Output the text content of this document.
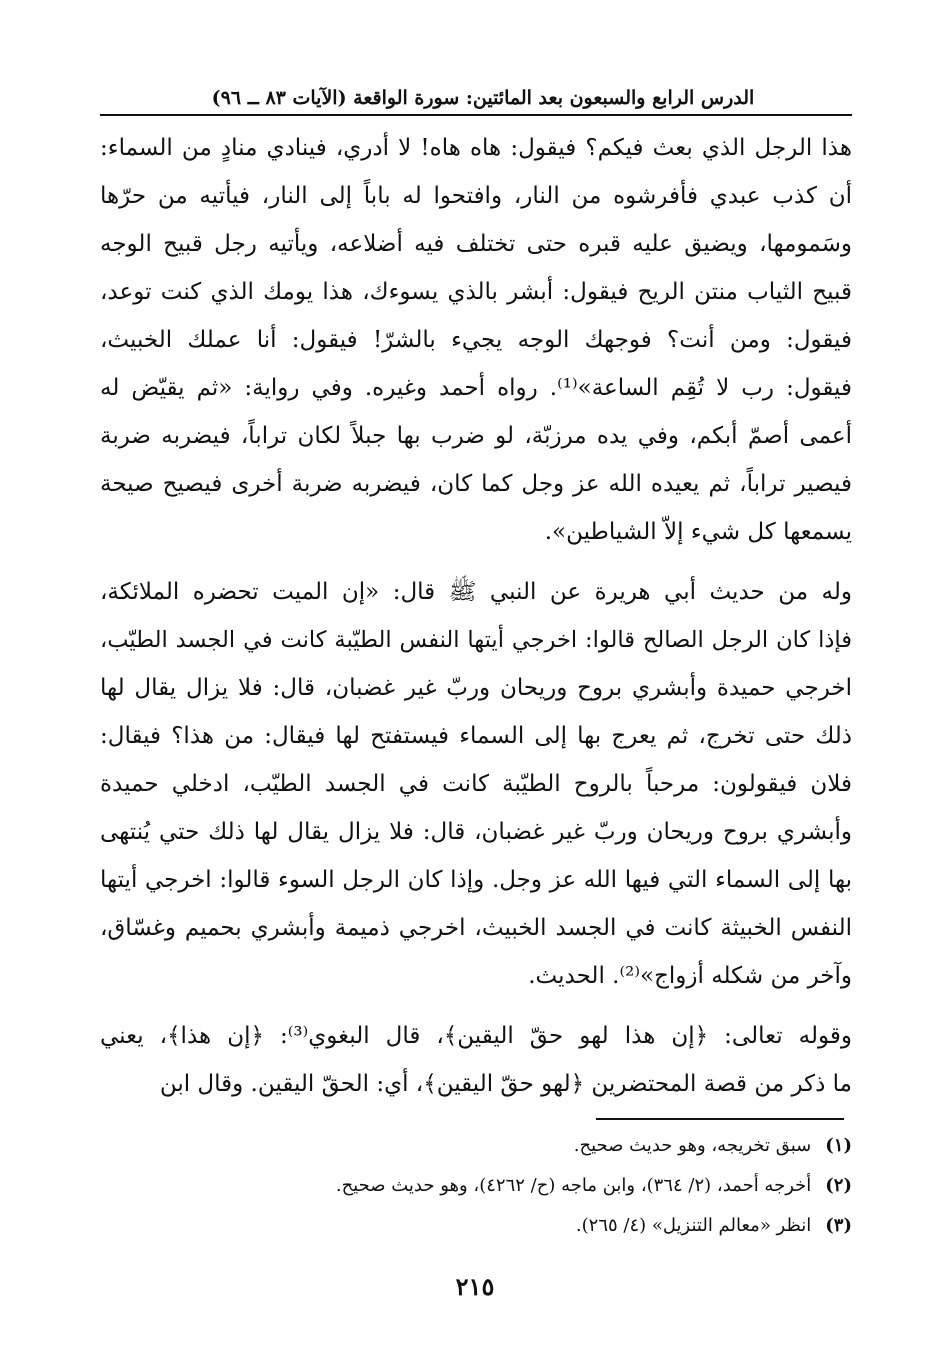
الدرس الرابع والسبعون بعد المائتين: سورة الواقعة (الآيات ٨٣ ــ ٩٦)
هذا الرجل الذي بعث فيكم؟ فيقول: هاه هاه! لا أدري، فينادي منادٍ من السماء:
أن كذب عبدي فأفرشوه من النار، وافتحوا له باباً إلى النار، فيأتيه من حرّها
وسَمومها، ويضيق عليه قبره حتى تختلف فيه أضلاعه، ويأتيه رجل قبيح الوجه
قبيح الثياب منتن الريح فيقول: أبشر بالذي يسوءك، هذا يومك الذي كنت توعد،
فيقول: ومن أنت؟ فوجهك الوجه يجيء بالشرّ! فيقول: أنا عملك الخبيث،
فيقول: رب لا تُقِم الساعة»⁽¹⁾. رواه أحمد وغيره. وفي رواية: «ثم يقيّض له
أعمى أصمّ أبكم، وفي يده مرزبّة، لو ضرب بها جبلاً لكان تراباً، فيضربه ضربة
فيصير تراباً، ثم يعيده الله عز وجل كما كان، فيضربه ضربة أخرى فيصيح صيحة
يسمعها كل شيء إلاّ الشياطين».
وله من حديث أبي هريرة عن النبي ﷺ قال: «إن الميت تحضره الملائكة،
فإذا كان الرجل الصالح قالوا: اخرجي أيتها النفس الطيّبة كانت في الجسد الطيّب،
اخرجي حميدة وأبشري بروح وريحان وربّ غير غضبان، قال: فلا يزال يقال لها
ذلك حتى تخرج، ثم يعرج بها إلى السماء فيستفتح لها فيقال: من هذا؟ فيقال:
فلان فيقولون: مرحباً بالروح الطيّبة كانت في الجسد الطيّب، ادخلي حميدة
وأبشري بروح وريحان وربّ غير غضبان، قال: فلا يزال يقال لها ذلك حتي يُنتهى
بها إلى السماء التي فيها الله عز وجل. وإذا كان الرجل السوء قالوا: اخرجي أيتها
النفس الخبيثة كانت في الجسد الخبيث، اخرجي ذميمة وأبشري بحميم وغسّاق،
وآخر من شكله أزواج»⁽²⁾. الحديث.
وقوله تعالى: ﴿إن هذا لهو حقّ اليقين﴾، قال البغوي⁽³⁾: ﴿إن هذا﴾، يعني
ما ذكر من قصة المحتضرين ﴿لهو حقّ اليقين﴾، أي: الحقّ اليقين. وقال ابن
(١)سبق تخريجه، وهو حديث صحيح.
(٢)أخرجه أحمد، (٢/ ٣٦٤)، وابن ماجه (ح/ ٤٢٦٢)، وهو حديث صحيح.
(٣)انظر «معالم التنزيل» (٤/ ٢٦٥).
٢١٥
